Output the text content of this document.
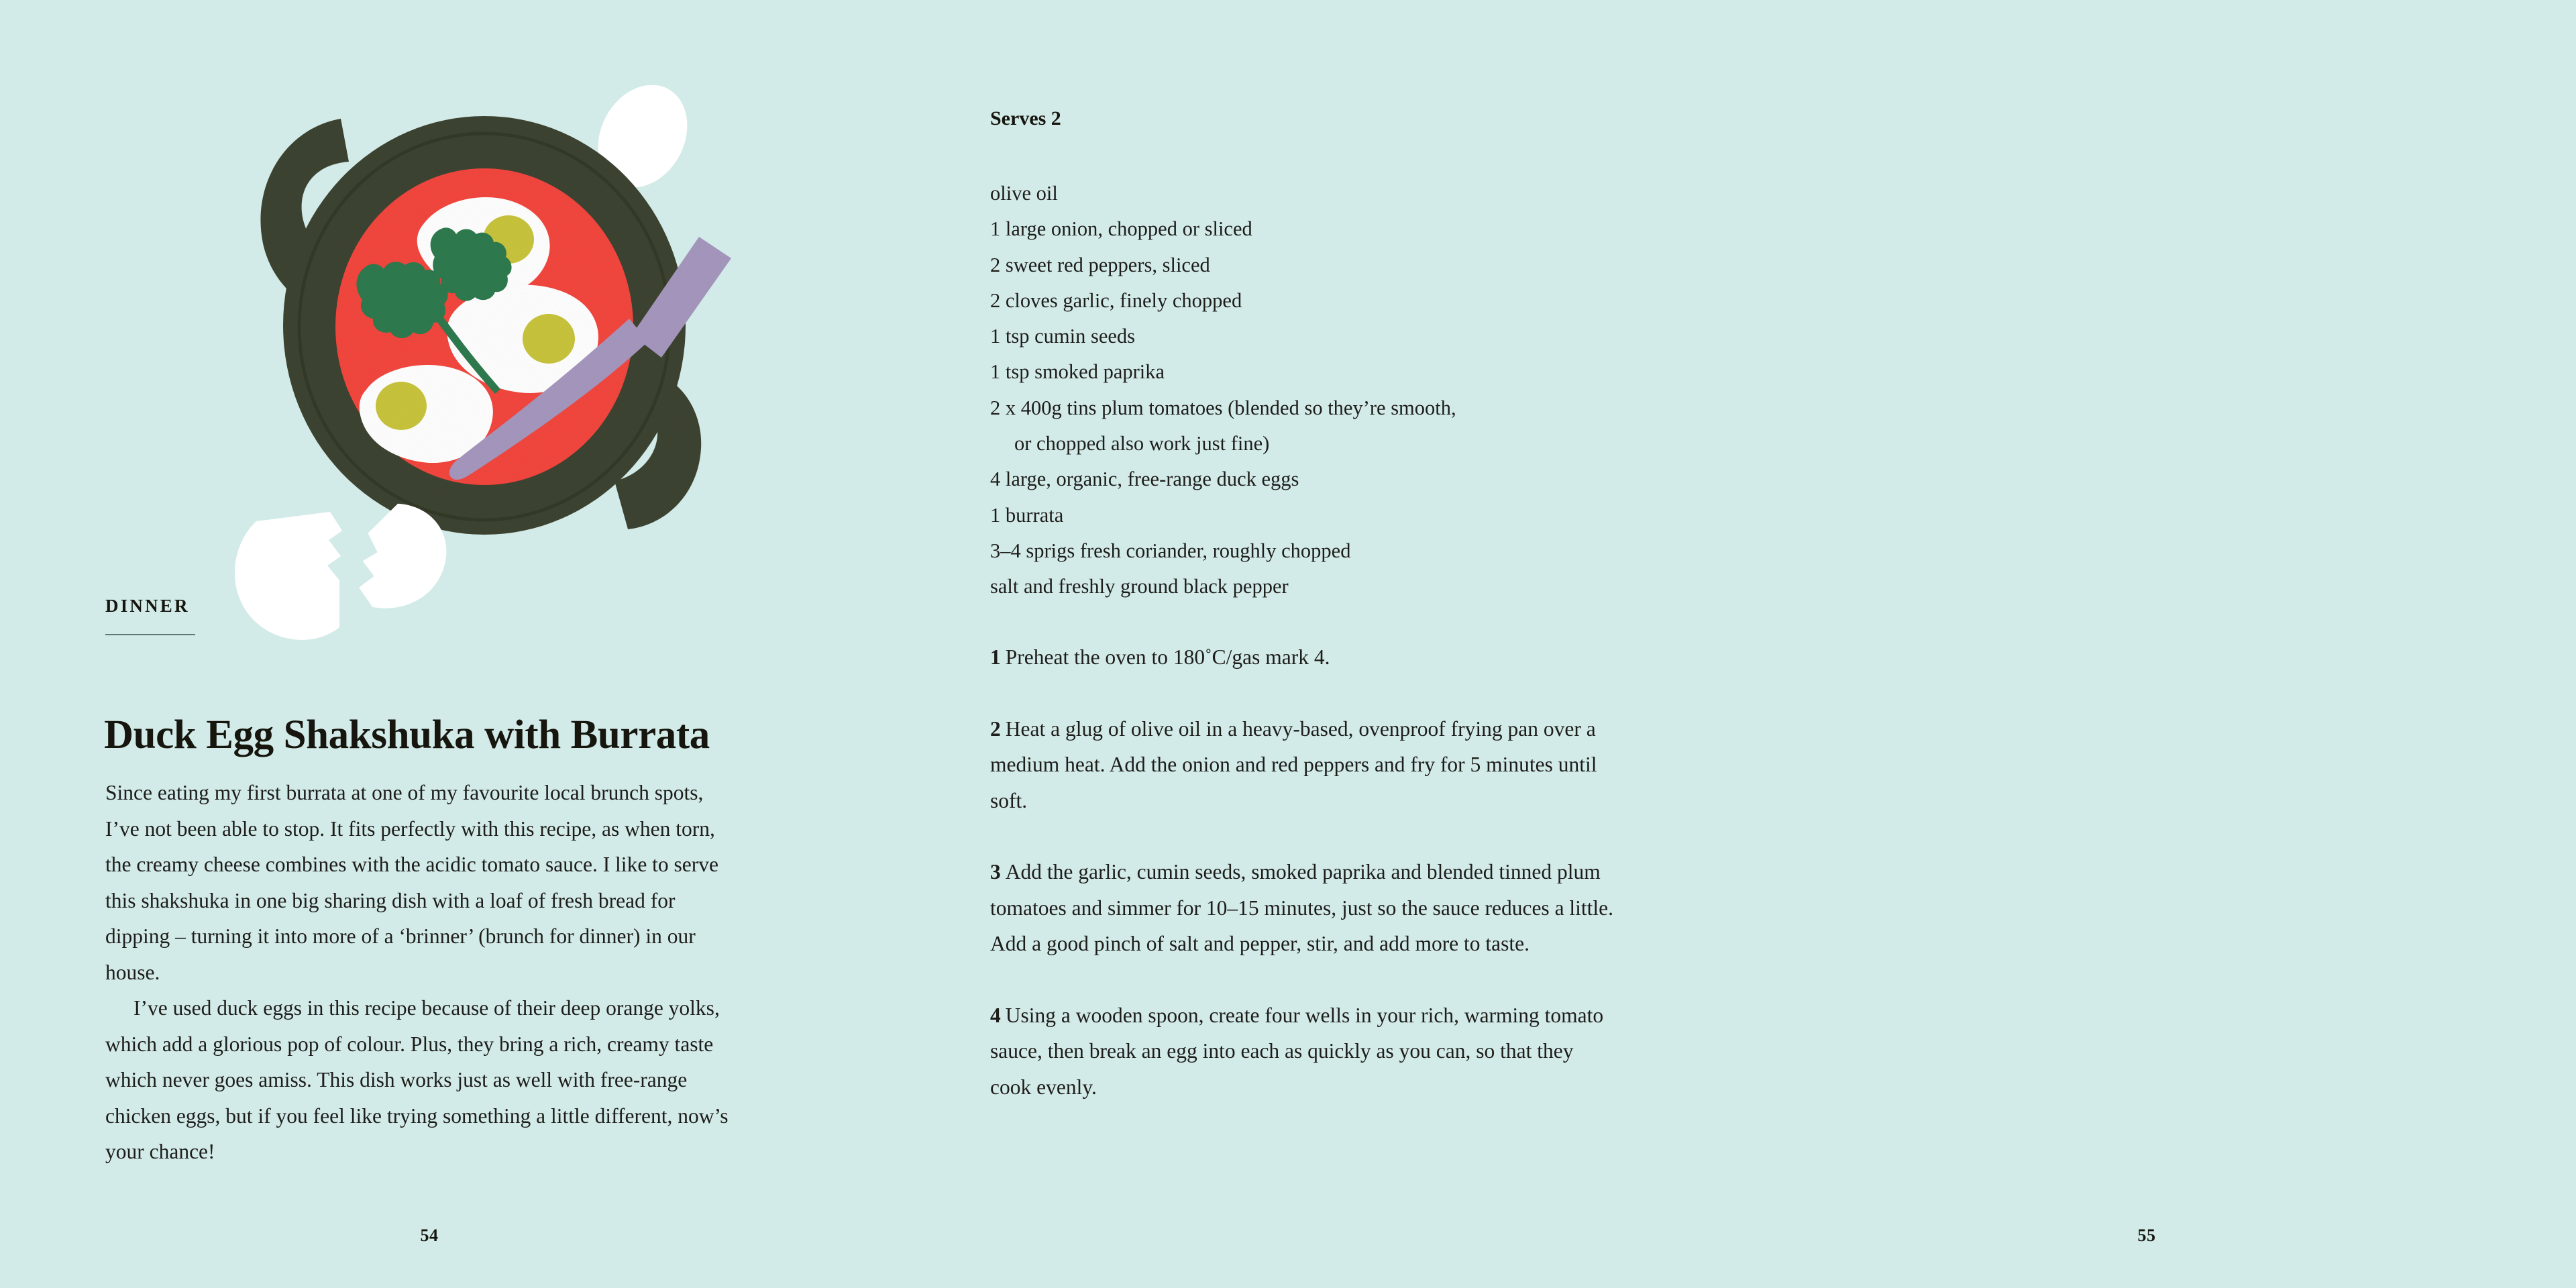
DINNER
Duck Egg Shakshuka with Burrata

Since eating my first burrata at one of my favourite local brunch spots, I’ve not been able to stop. It fits perfectly with this recipe, as when torn, the creamy cheese combines with the acidic tomato sauce. I like to serve this shakshuka in one big sharing dish with a loaf of fresh bread for dipping – turning it into more of a ‘brinner’ (brunch for dinner) in our house.

I’ve used duck eggs in this recipe because of their deep orange yolks, which add a glorious pop of colour. Plus, they bring a rich, creamy taste which never goes amiss. This dish works just as well with free-range chicken eggs, but if you feel like trying something a little different, now’s your chance!

54
Serves 2
olive oil
1 large onion, chopped or sliced
2 sweet red peppers, sliced
2 cloves garlic, finely chopped
1 tsp cumin seeds
1 tsp smoked paprika
2 x 400g tins plum tomatoes (blended so they’re smooth,
or chopped also work just fine)
4 large, organic, free-range duck eggs
1 burrata
3–4 sprigs fresh coriander, roughly chopped
salt and freshly ground black pepper

1 Preheat the oven to 180˚C/gas mark 4.

2 Heat a glug of olive oil in a heavy-based, ovenproof frying pan over a medium heat. Add the onion and red peppers and fry for 5 minutes until soft.

3 Add the garlic, cumin seeds, smoked paprika and blended tinned plum tomatoes and simmer for 10–15 minutes, just so the sauce reduces a little. Add a good pinch of salt and pepper, stir, and add more to taste.

4 Using a wooden spoon, create four wells in your rich, warming tomato sauce, then break an egg into each as quickly as you can, so that they cook evenly.

55
